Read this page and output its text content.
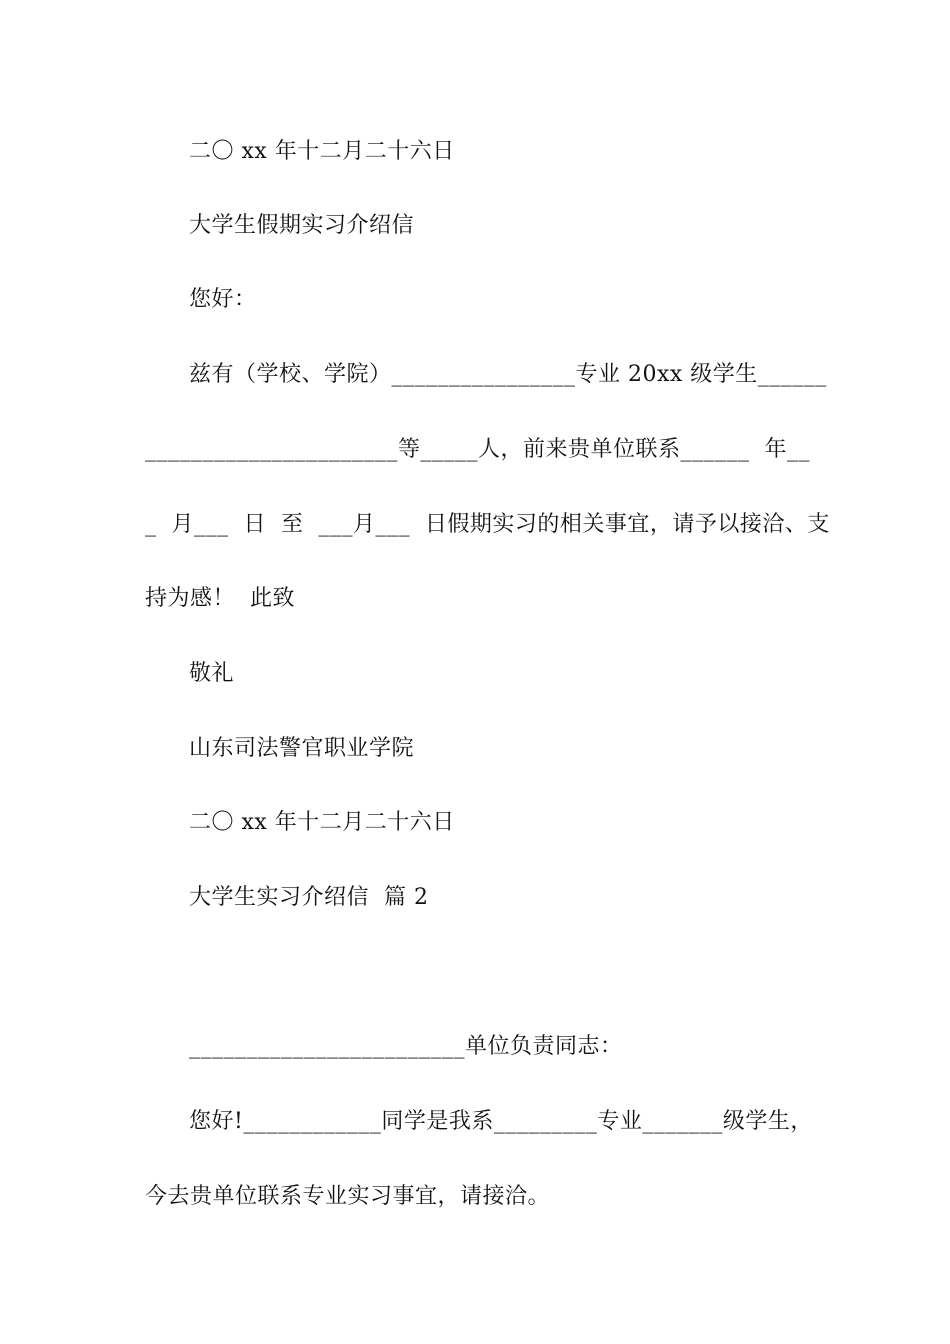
二〇 xx 年十二月二十六日
大学生假期实习介绍信
您好：
兹有（学校、学院）________________专业 20xx 级学生______
______________________等_____人，前来贵单位联系______  年__
_  月___  日  至  ___月___  日假期实习的相关事宜，请予以接洽、支
持为感！  此致
敬礼
山东司法警官职业学院
二〇 xx 年十二月二十六日
大学生实习介绍信  篇 2
________________________单位负责同志：
您好!____________同学是我系_________专业_______级学生，
今去贵单位联系专业实习事宜，请接洽。
